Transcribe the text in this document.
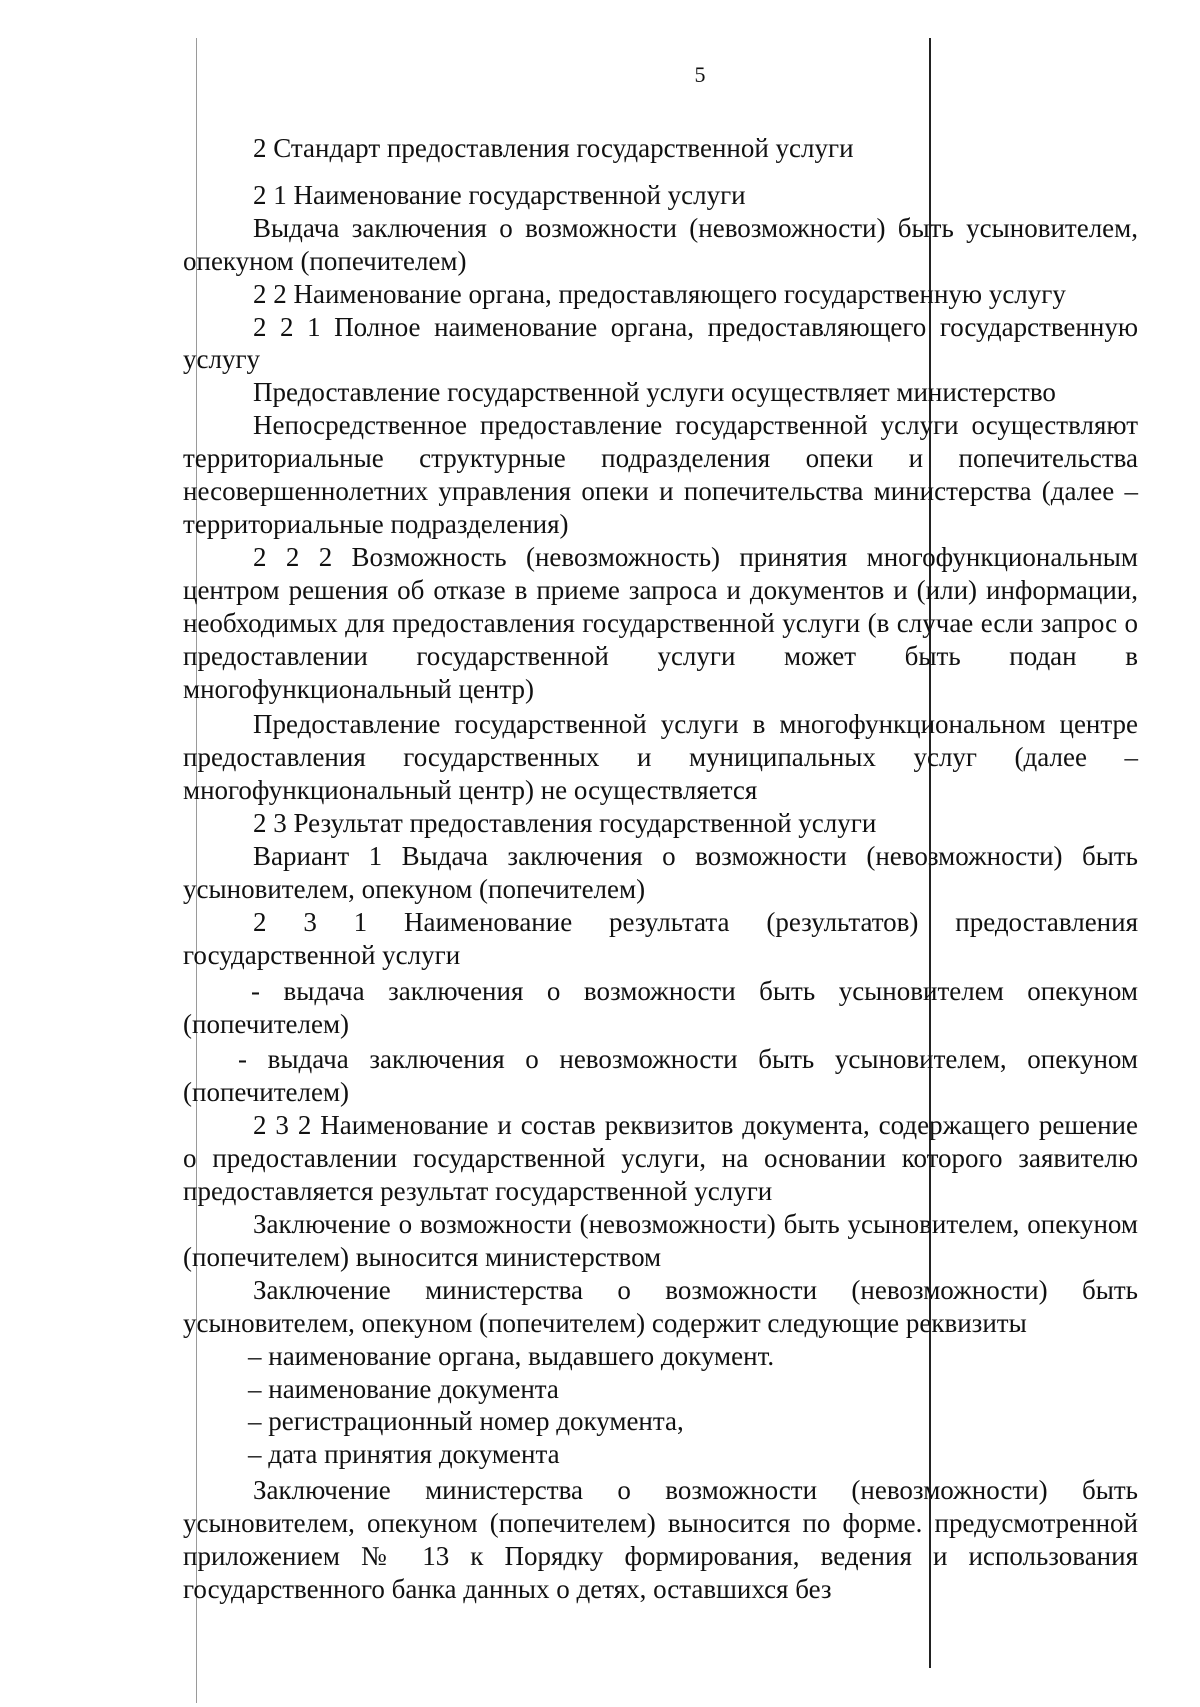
5

2 Стандарт предоставления государственной услуги

2 1 Наименование государственной услуги

Выдача заключения о возможности (невозможности) быть усыновителем, опекуном (попечителем)

2 2 Наименование органа, предоставляющего государственную услугу

2 2 1 Полное наименование органа, предоставляющего государственную услугу

Предоставление государственной услуги осуществляет министерство

Непосредственное предоставление государственной услуги осуществляют территориальные структурные подразделения опеки и попечительства несовершеннолетних управления опеки и попечительства министерства (далее – территориальные подразделения)

2 2 2 Возможность (невозможность) принятия многофункциональным центром решения об отказе в приеме запроса и документов и (или) информации, необходимых для предоставления государственной услуги (в случае если запрос о предоставлении государственной услуги может быть подан в многофункциональный центр)

Предоставление государственной услуги в многофункциональном центре предоставления государственных и муниципальных услуг (далее – многофункциональный центр) не осуществляется

2 3 Результат предоставления государственной услуги

Вариант 1 Выдача заключения о возможности (невозможности) быть усыновителем, опекуном (попечителем)

2 3 1 Наименование результата (результатов) предоставления государственной услуги

- выдача заключения о возможности быть усыновителем опекуном (попечителем)

- выдача заключения о невозможности быть усыновителем, опекуном (попечителем)

2 3 2 Наименование и состав реквизитов документа, содержащего решение о предоставлении государственной услуги, на основании которого заявителю предоставляется результат государственной услуги

Заключение о возможности (невозможности) быть усыновителем, опекуном (попечителем) выносится министерством

Заключение министерства о возможности (невозможности) быть усыновителем, опекуном (попечителем) содержит следующие реквизиты

– наименование органа, выдавшего документ.

– наименование документа

– регистрационный номер документа,

– дата принятия документа

Заключение министерства о возможности (невозможности) быть усыновителем, опекуном (попечителем) выносится по форме. предусмотренной приложением № 13 к Порядку формирования, ведения и использования государственного банка данных о детях, оставшихся без
